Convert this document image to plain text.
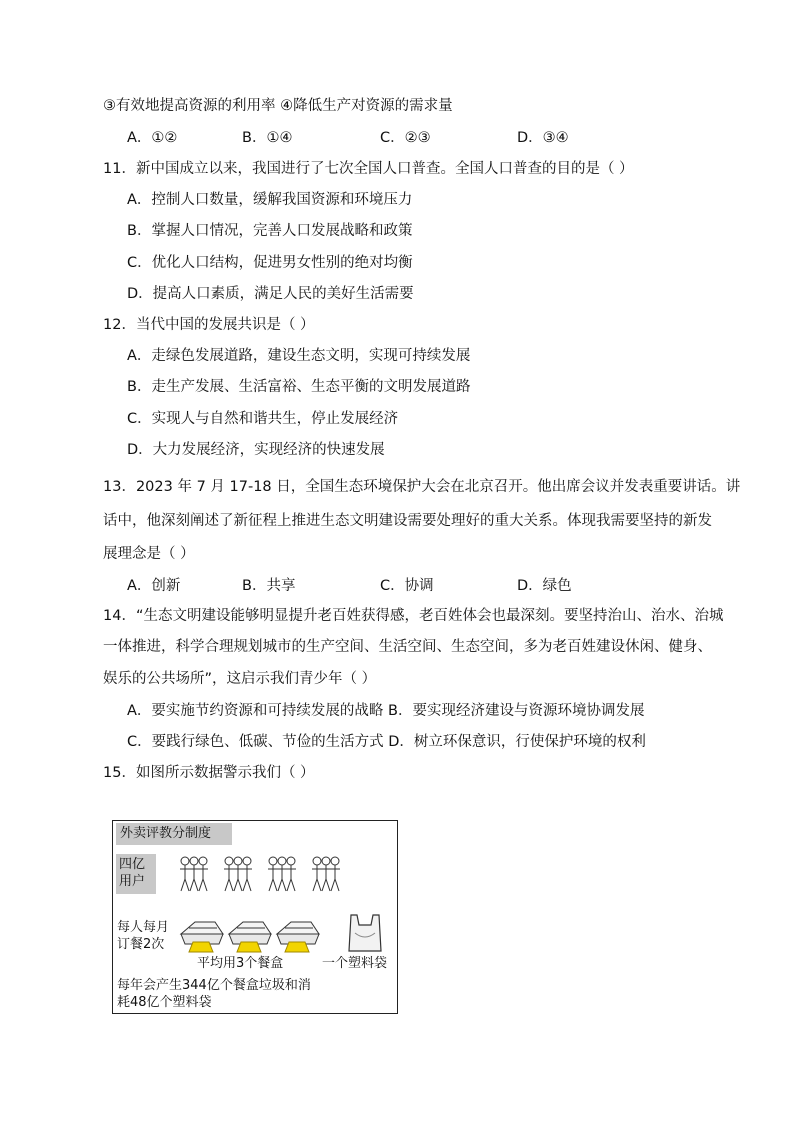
③有效地提高资源的利用率 ④降低生产对资源的需求量
A．①②	B．①④	C．②③	D．③④
11．新中国成立以来，我国进行了七次全国人口普查。全国人口普查的目的是（ ）
A．控制人口数量，缓解我国资源和环境压力
B．掌握人口情况，完善人口发展战略和政策
C．优化人口结构，促进男女性别的绝对均衡
D．提高人口素质，满足人民的美好生活需要
12．当代中国的发展共识是（ ）
A．走绿色发展道路，建设生态文明，实现可持续发展
B．走生产发展、生活富裕、生态平衡的文明发展道路
C．实现人与自然和谐共生，停止发展经济
D．大力发展经济，实现经济的快速发展
13．2023 年 7 月 17-18 日，全国生态环境保护大会在北京召开。他出席会议并发表重要讲话。讲
话中，他深刻阐述了新征程上推进生态文明建设需要处理好的重大关系。体现我需要坚持的新发
展理念是（ ）
A．创新	B．共享	C．协调	D．绿色
14．“生态文明建设能够明显提升老百姓获得感，老百姓体会也最深刻。要坚持治山、治水、治城
一体推进，科学合理规划城市的生产空间、生活空间、生态空间，多为老百姓建设休闲、健身、
娱乐的公共场所”，这启示我们青少年（ ）
A．要实施节约资源和可持续发展的战略 B．要实现经济建设与资源环境协调发展
C．要践行绿色、低碳、节俭的生活方式 D．树立环保意识，行使保护环境的权利
15．如图所示数据警示我们（ ）
外卖评教分制度
四亿用户
每人每月订餐2次
平均用3个餐盒	一个塑料袋
每年会产生344亿个餐盒垃圾和消耗48亿个塑料袋
